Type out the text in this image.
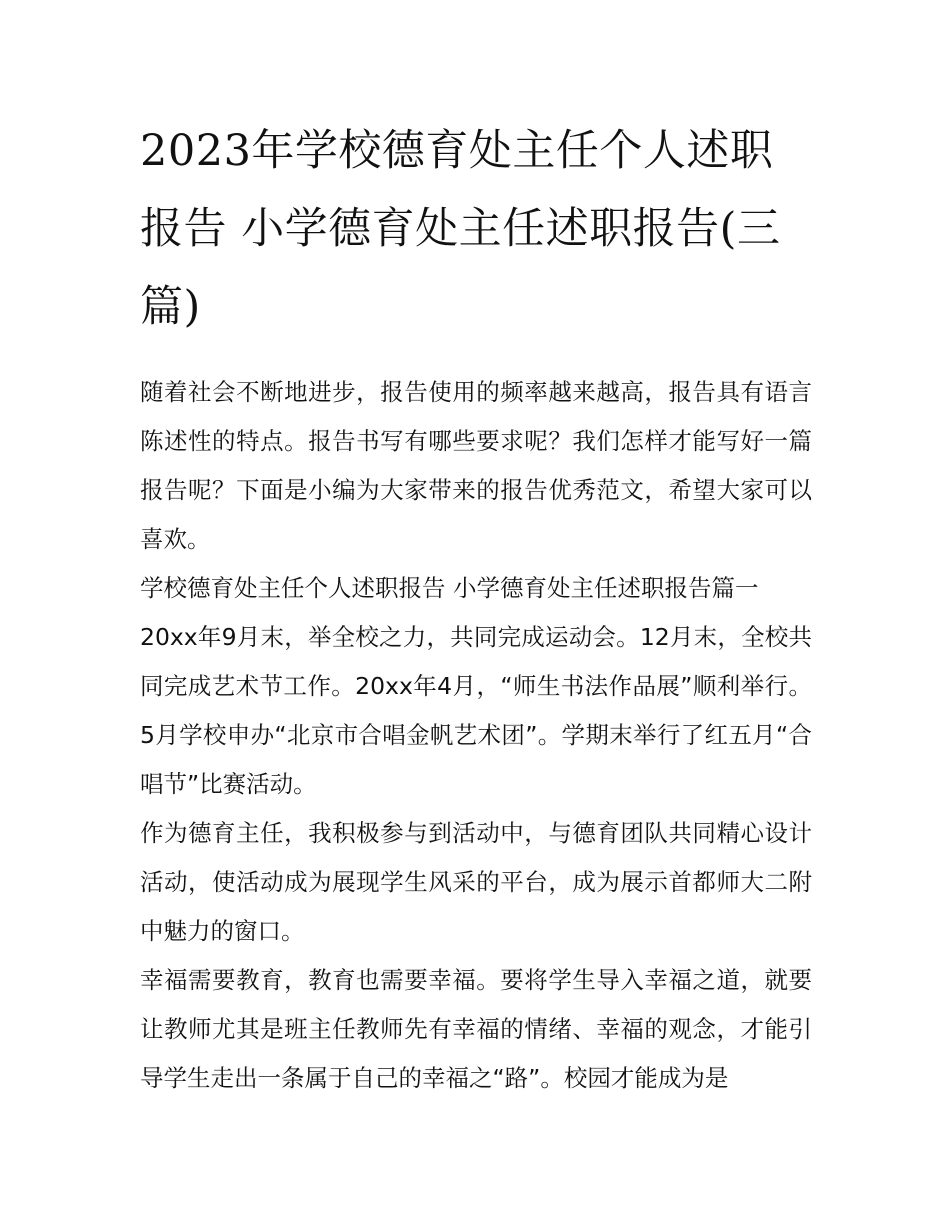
2023年学校德育处主任个人述职报告 小学德育处主任述职报告(三篇)

随着社会不断地进步，报告使用的频率越来越高，报告具有语言陈述性的特点。报告书写有哪些要求呢？我们怎样才能写好一篇报告呢？下面是小编为大家带来的报告优秀范文，希望大家可以喜欢。

学校德育处主任个人述职报告 小学德育处主任述职报告篇一

20xx年9月末，举全校之力，共同完成运动会。12月末，全校共同完成艺术节工作。20xx年4月，“师生书法作品展”顺利举行。5月学校申办“北京市合唱金帆艺术团”。学期末举行了红五月“合唱节”比赛活动。

作为德育主任，我积极参与到活动中，与德育团队共同精心设计活动，使活动成为展现学生风采的平台，成为展示首都师大二附中魅力的窗口。

幸福需要教育，教育也需要幸福。要将学生导入幸福之道，就要让教师尤其是班主任教师先有幸福的情绪、幸福的观念，才能引导学生走出一条属于自己的幸福之“路”。校园才能成为是
